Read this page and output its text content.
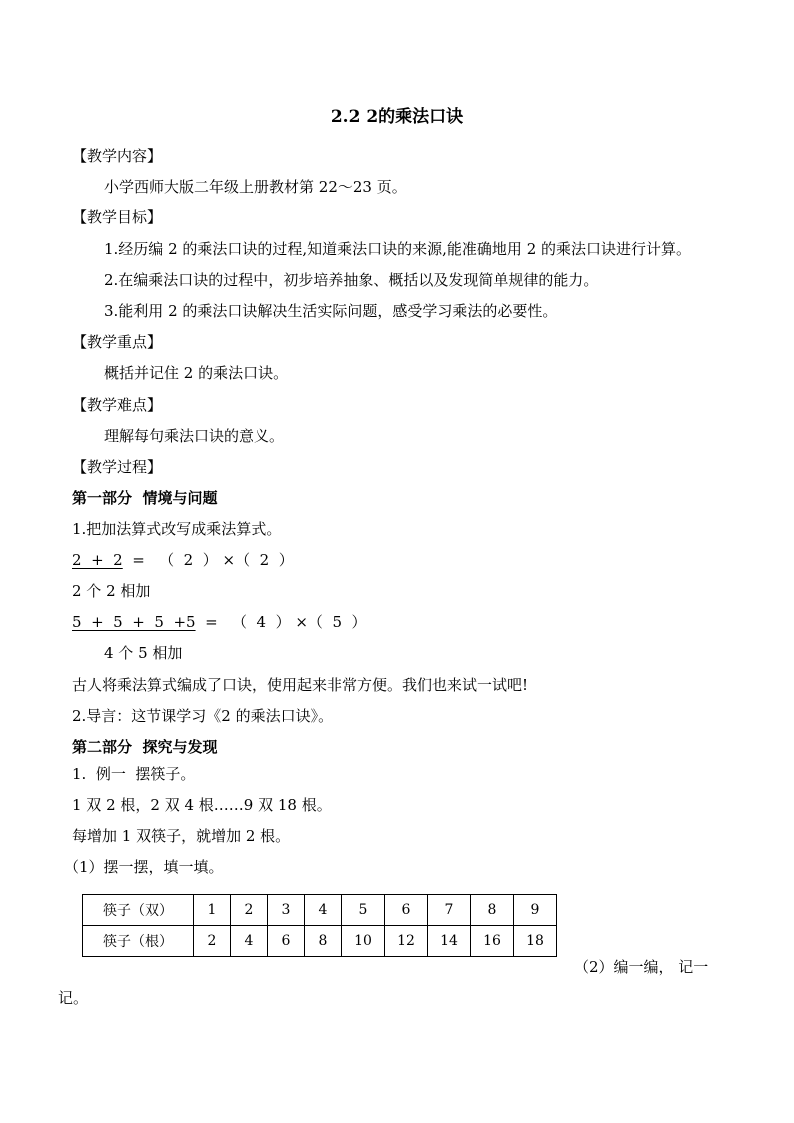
2.2 2的乘法口诀
【教学内容】
小学西师大版二年级上册教材第 22～23 页。
【教学目标】
1.经历编 2 的乘法口诀的过程,知道乘法口诀的来源,能准确地用 2 的乘法口诀进行计算。
2.在编乘法口诀的过程中，初步培养抽象、概括以及发现简单规律的能力。
3.能利用 2 的乘法口诀解决生活实际问题，感受学习乘法的必要性。
【教学重点】
概括并记住 2 的乘法口诀。
【教学难点】
理解每句乘法口诀的意义。
【教学过程】
第一部分  情境与问题
1.把加法算式改写成乘法算式。
2  +  2  =   （  2  ） ×（  2  ）
2 个 2 相加
5  +  5  +  5  +5  =   （  4  ） ×（  5  ）
4 个 5 相加
古人将乘法算式编成了口诀，使用起来非常方便。我们也来试一试吧!
2.导言：这节课学习《2 的乘法口诀》。
第二部分  探究与发现
1.  例一  摆筷子。
1 双 2 根，2 双 4 根……9 双 18 根。
每增加 1 双筷子，就增加 2 根。
（1）摆一摆，填一填。
筷子（双）	1	2	3	4	5	6	7	8	9
筷子（根）	2	4	6	8	10	12	14	16	18
（2）编一编， 记一
记。
